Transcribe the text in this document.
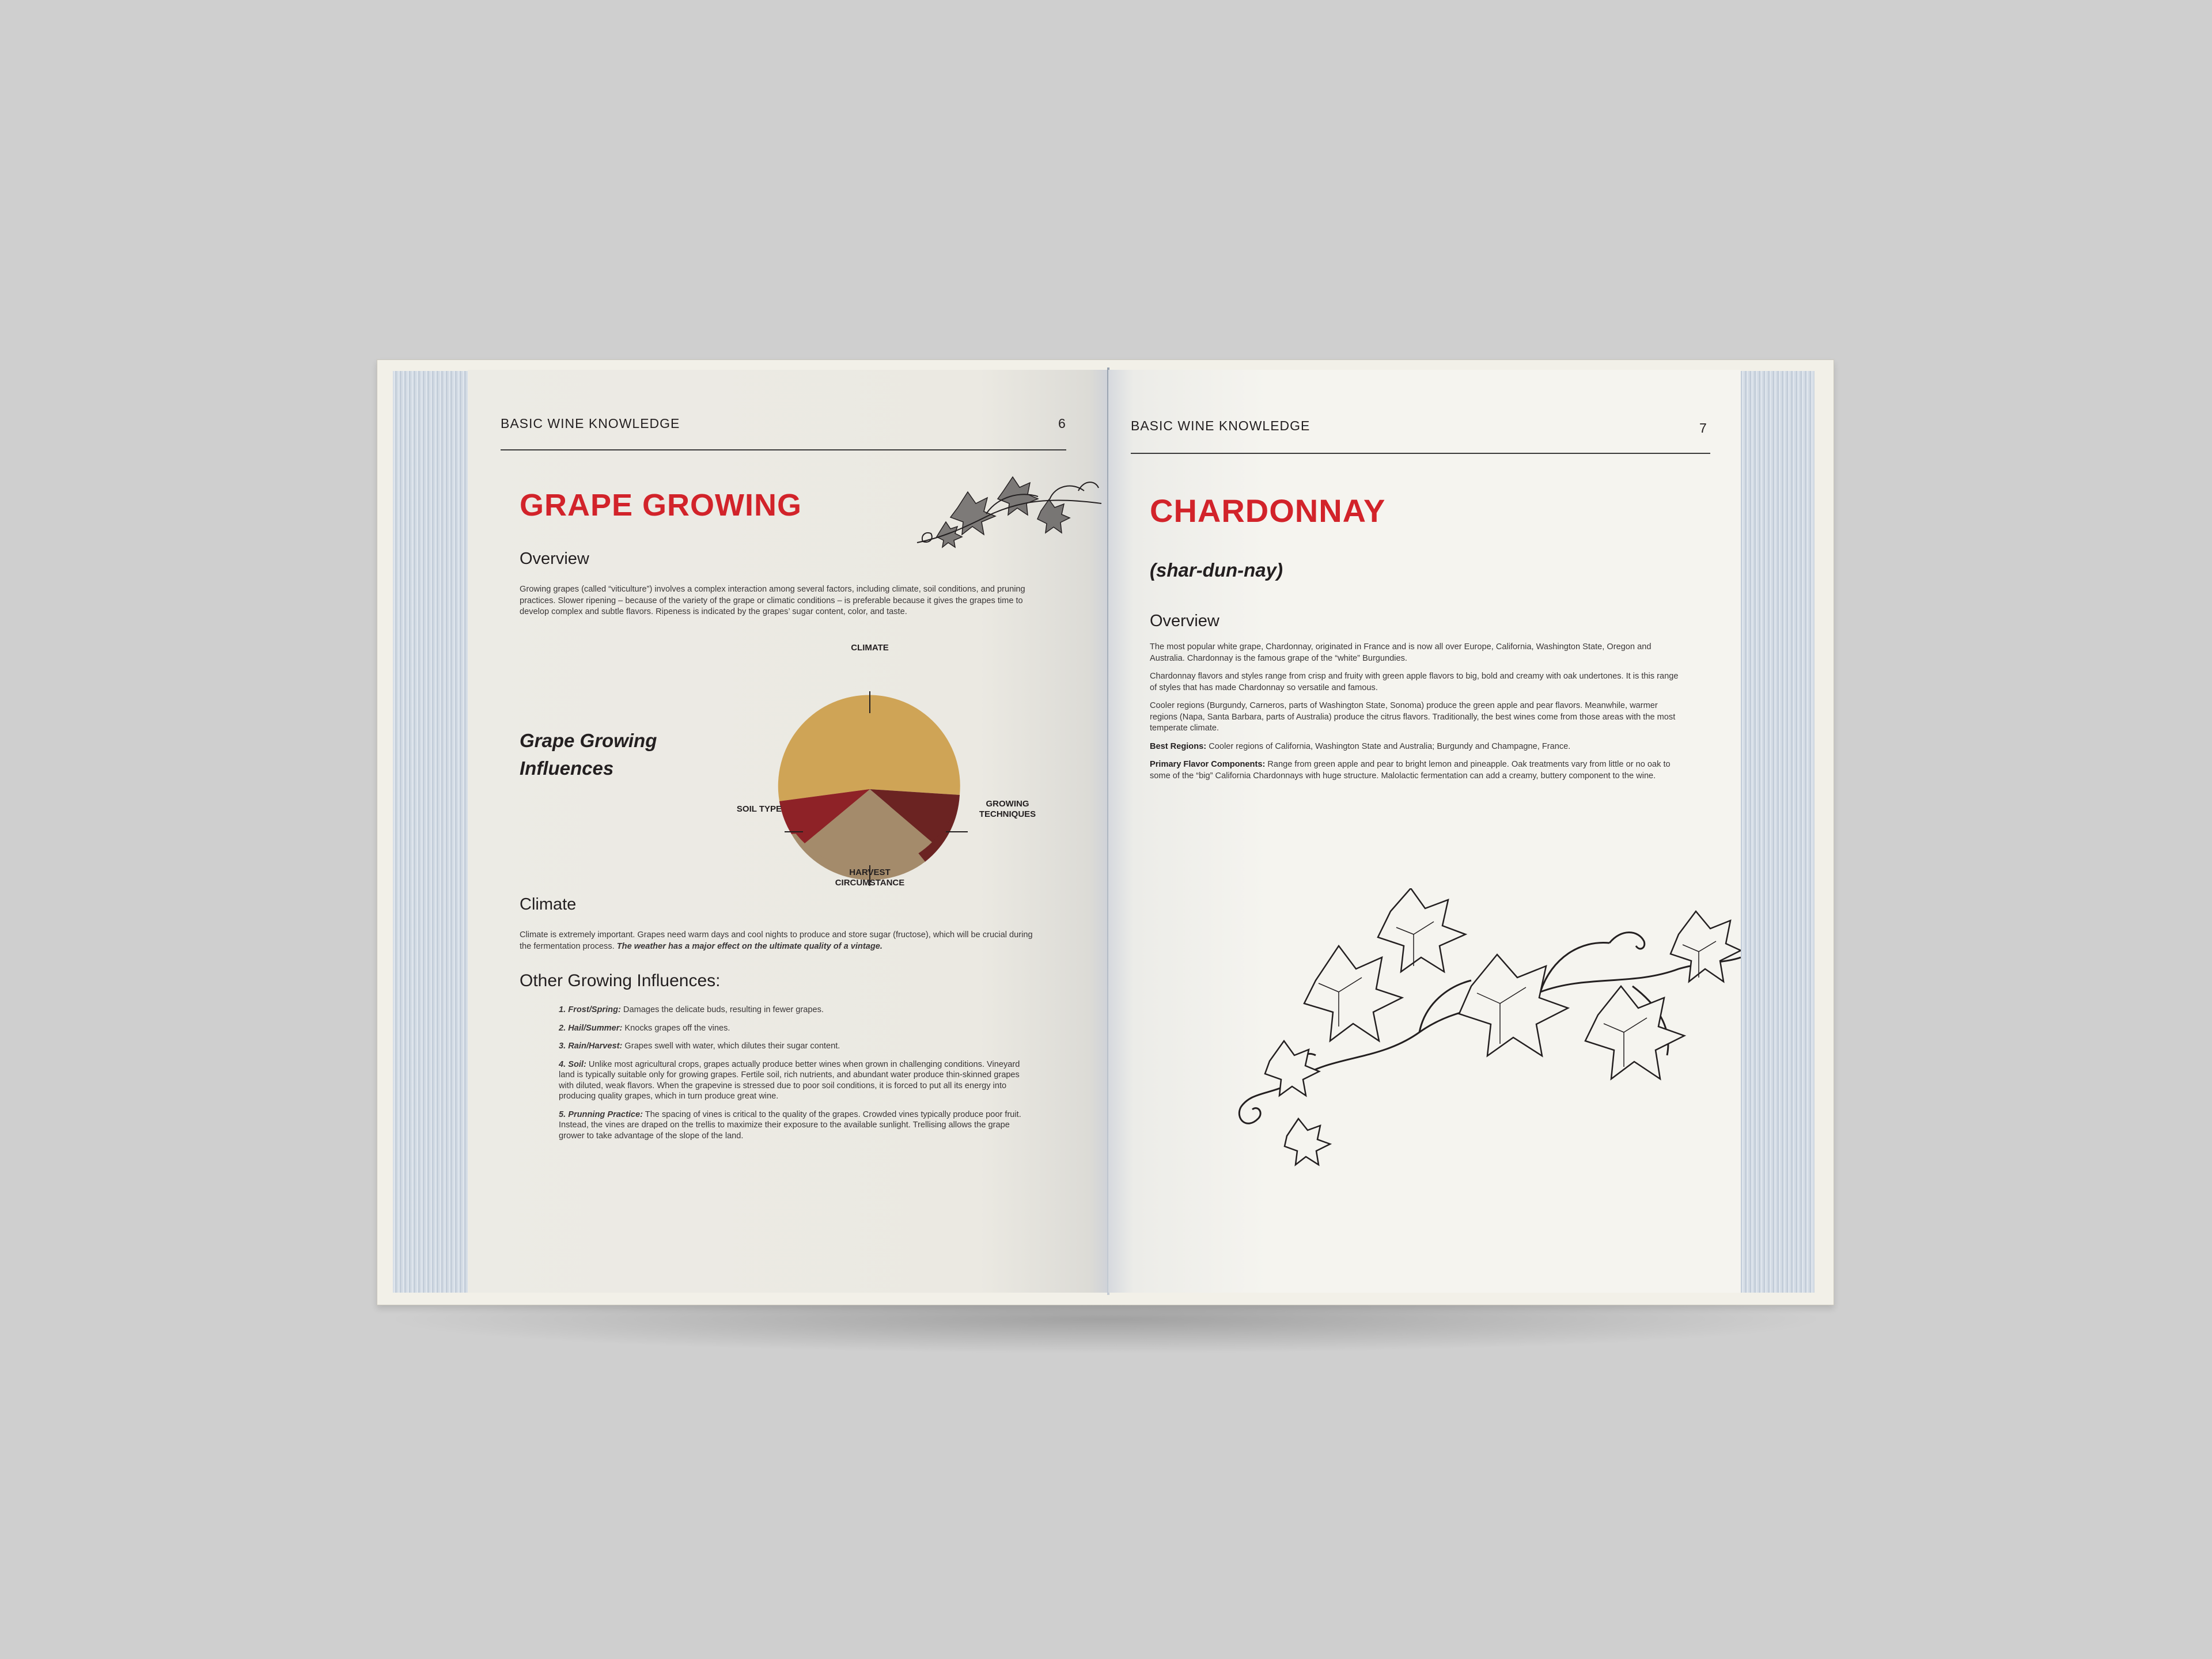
BASIC WINE KNOWLEDGE	6
GRAPE GROWING
Overview
Growing grapes (called “viticulture”) involves a complex interaction among several factors, including climate, soil conditions, and pruning practices. Slower ripening – because of the variety of the grape or climatic conditions – is preferable because it gives the grapes time to develop complex and subtle flavors. Ripeness is indicated by the grapes’ sugar content, color, and taste.
Grape Growing
Influences
CLIMATE
SOIL TYPE
GROWING
TECHNIQUES
HARVEST
CIRCUMSTANCE
Climate
Climate is extremely important. Grapes need warm days and cool nights to produce and store sugar (fructose), which will be crucial during the fermentation process. The weather has a major effect on the ultimate quality of a vintage.
Other Growing Influences:
1. Frost/Spring: Damages the delicate buds, resulting in fewer grapes.
2. Hail/Summer: Knocks grapes off the vines.
3. Rain/Harvest: Grapes swell with water, which dilutes their sugar content.
4. Soil: Unlike most agricultural crops, grapes actually produce better wines when grown in challenging conditions. Vineyard land is typically suitable only for growing grapes. Fertile soil, rich nutrients, and abundant water produce thin-skinned grapes with diluted, weak flavors. When the grapevine is stressed due to poor soil conditions, it is forced to put all its energy into producing quality grapes, which in turn produce great wine.
5. Prunning Practice: The spacing of vines is critical to the quality of the grapes. Crowded vines typically produce poor fruit. Instead, the vines are draped on the trellis to maximize their exposure to the available sunlight. Trellising allows the grape grower to take advantage of the slope of the land.
BASIC WINE KNOWLEDGE	7
CHARDONNAY
(shar-dun-nay)
Overview

The most popular white grape, Chardonnay, originated in France and is now all over Europe, California, Washington State, Oregon and Australia. Chardonnay is the famous grape of the “white” Burgundies.

Chardonnay flavors and styles range from crisp and fruity with green apple flavors to big, bold and creamy with oak undertones. It is this range of styles that has made Chardonnay so versatile and famous.

Cooler regions (Burgundy, Carneros, parts of Washington State, Sonoma) produce the green apple and pear flavors. Meanwhile, warmer regions (Napa, Santa Barbara, parts of Australia) produce the citrus flavors. Traditionally, the best wines come from those areas with the most temperate climate.

Best Regions: Cooler regions of California, Washington State and Australia; Burgundy and Champagne, France.

Primary Flavor Components: Range from green apple and pear to bright lemon and pineapple. Oak treatments vary from little or no oak to some of the “big” California Chardonnays with huge structure. Malolactic fermentation can add a creamy, buttery component to the wine.
